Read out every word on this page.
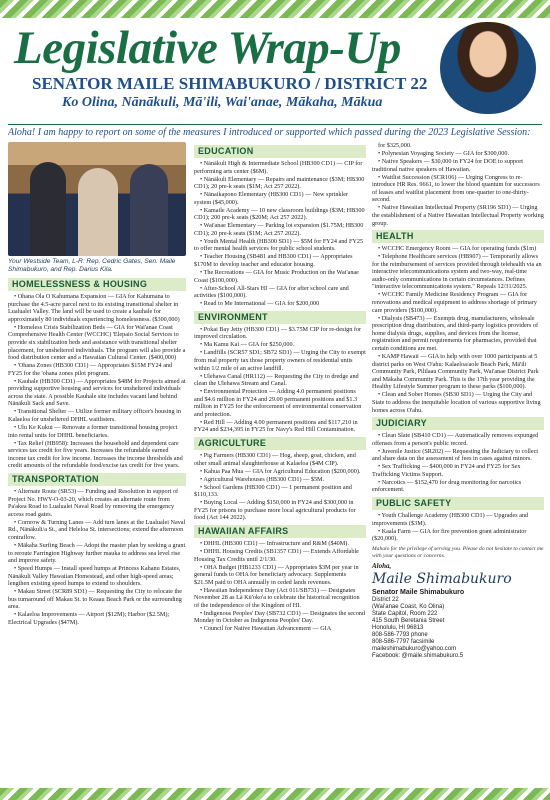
Legislative Wrap-Up
SENATOR MAILE SHIMABUKURO / DISTRICT 22
Ko Olina, Nānākuli, Mā'ili, Wai'anae, Mākaha, Mākua
Aloha! I am happy to report on some of the measures I introduced or supported which passed during the 2023 Legislative Session:
Your Westside Team, L-R: Rep. Cedric Gates, Sen. Maile Shimabukuro, and Rep. Darius Kila.
HOMELESSNESS & HOUSING
• Ohana Ola O Kahumana Expansion — GIA for Kahumana to purchase the 4.5-acre parcel next to its existing transitional shelter in Lualualei Valley. The land will be used to create a kauhale for approximately 80 individuals experiencing homelessness. ($300,000)
• Homeless Crisis Stabilization Beds — GIA for Wai'anae Coast Comprehensive Health Center (WCCHC) 'Elepaio Social Services to provide six stabilization beds and assistance with transitional shelter placement, for unsheltered individuals. The program will also provide a food distribution center and a Hawaiian Cultural Center. ($400,000)
• 'Ohana Zones (HB300 CD1) — Appropriates $15M FY24 and FY25 for the 'ohana zones pilot program.
• Kauhale (HB300 CD1) — Appropriates $48M for Projects aimed at providing supportive housing and services for unsheltered individuals across the state. A possible Kauhale site includes vacant land behind Nānākuli Sack and Save.
• Transitional Shelter — Utilize former military officer's housing in Kalaeloa for unsheltered DHHL waitlisters.
• Ulu Ke Kukui — Renovate a former transitional housing project into rental units for DHHL beneficiaries.
• Tax Relief (HB958): Increases the household and dependent care services tax credit for five years. Increases the refundable earned income tax credit for low income. Increases the income thresholds and credit amounts of the refundable food/excise tax credit for five years.
TRANSPORTATION
• Alternate Route (SR53) — Funding and Resolution in support of Project No. HWY-O-03-20, which creates an alternate route from Pa'akea Road to Lualualei Naval Road by removing the emergency access road gates.
• Cornrow & Turning Lanes — Add turn lanes at the Lualualei Naval Rd., Nānākuli/a St., and Heleloa St. intersections; extend the afternoon contraflow.
• Mākaha Surfing Beach — Adopt the master plan by seeking a grant to reroute Farrington Highway further mauka to address sea level rise and improve safety.
• Speed Humps — Install speed humps at Princess Kahanu Estates, Nānākuli Valley Hawaiian Homestead, and other high-speed areas; lengthen existing speed humps to extend to shoulders.
• Makau Street (SCR89 SD1) — Requesting the City to relocate the bus turnaround off Makau St. to Keaau Beach Park or the surrounding area.
• Kalaeloa Improvements — Airport ($12M); Harbor ($2.5M); Electrical Upgrades ($47M).
EDUCATION
• Nānākuli High & Intermediate School (HB300 CD1) — CIP for performing arts center ($6M).
• Nānākuli Elementary — Repairs and maintenance ($3M; HB300 CD1); 20 pre-k seats ($1M; Act 257 2022).
• Nānaikapono Elementary (HB300 CD1) — New sprinkler system ($45,000).
• Kamaile Academy — 10 new classroom buildings ($3M; HB300 CD1); 200 pre-k seats ($20M; Act 257 2022).
• Wai'anae Elementary — Parking lot expansion ($1.75M; HB300 CD1); 20 pre-k seats ($1M; Act 257 2022).
• Youth Mental Health (HB300 SD1) — $5M for FY24 and FY25 to offer mental health services for public school students.
• Teacher Housing (SB481 and HB300 CD1) — Appropriates $170M to develop teacher and educator housing.
• The Recreations — GIA for Music Production on the Wai'anae Coast ($100,000).
• After-School All-Stars HI — GIA for after school care and activities ($100,000).
• Read to Me International — GIA for $200,000
ENVIRONMENT
• Pokai Bay Jetty (HB300 CD1) — $3.75M CIP for re-design for improved circulation.
• Ma Kamu Kai — GIA for $250,000.
• Landfills (SCR57 SD1; SB72 SD1) — Urging the City to exempt from real property tax those property owners of residential units within 1/2 mile of an active landfill.
• Ulehawa Canal (HR112) — Requesting the City to dredge and clean the Ulehawa Stream and Canal.
• Environmental Protection — Adding 4.0 permanent positions and $4.6 million in FY24 and 29.00 permanent positions and $1.3 million in FY25 for the enforcement of environmental conservation and protection.
• Red Hill — Adding 4.00 permanent positions and $117,210 in FY24 and $234,395 in FY25 for Navy's Red Hill Contamination.
AGRICULTURE
• Pig Farmers (HB300 CD1) — Hog, sheep, goat, chicken, and other small animal slaughterhouse at Kalaeloa ($4M CIP).
• Kahua Paa Mua — GIA for Agricultural Education ($200,000).
• Agricultural Warehouses (HB300 CD1) — $5M.
• School Gardens (HB300 CD1) — 1 permanent position and $110,133.
• Buying Local — Adding $150,000 in FY24 and $300,000 in FY25 for prisons to purchase more local agricultural products for food (Act 144 2022).
HAWAIIAN AFFAIRS
• DHHL (HB300 CD1) — Infrastructure and R&M ($40M).
• DHHL Housing Credits (SB1357 CD1) — Extends Affordable Housing Tax Credits until 2/1/30.
• OHA Budget (HB1233 CD1) — Appropriates $3M per year in general funds to OHA for beneficiary advocacy. Supplements $21.5M paid to OHA annually in ceded lands revenues.
• Hawaiian Independence Day (Act 011/SB731) — Designates November 28 as Lā Kū'oko'a to celebrate the historical recognition of the independence of the Kingdom of HI.
• Indigenous Peoples' Day (SB732 CD1) — Designates the second Monday in October as Indigenous Peoples' Day.
• Council for Native Hawaiian Advancement — GIA
for $325,000.
• Polynesian Voyaging Society — GIA for $300,000.
• Native Speakers — $30,000 in FY24 for DOE to support traditional native speakers of Hawaiian.
• Waitlist Succession (SCR106) — Urging Congress to re-introduce HR Res. 9661, to lower the blood quantum for successors of leases and waitlist placement from one-quarter to one-thirty-second.
• Native Hawaiian Intellectual Property (SR196 SD1) — Urging the establishment of a Native Hawaiian Intellectual Property working group.
HEALTH
• WCCHC Emergency Room — GIA for operating funds ($1m)
• Telephone Healthcare services (HB907) — Temporarily allows for the reimbursement of services provided through telehealth via an interactive telecommunications system and two-way, real-time audio-only communications in certain circumstances. Defines "interactive telecommunications system." Repeals 12/31/2025.
• WCCHC Family Medicine Residency Program — GIA for renovations and medical equipment to address shortage of primary care providers ($100,000).
• Dialysis (SB473) — Exempts drug, manufacturers, wholesale prescription drug distributors, and third-party logistics providers of home dialysis drugs, supplies, and devices from the license, registration and permit requirements for pharmacies, provided that certain conditions are met.
• KAMP Hawaii — GIA to help with over 1000 participants at 5 district parks on West O'ahu: Kalaeloa/aole Beach Park, Mā'ili Community Park, Pililaau Community Park, Wai'anae District Park and Mākaha Community Park. This is the 17th year providing the Healthy Lifestyle Summer program to these parks ($100,000).
• Clean and Sober Homes (SB30 SD1) — Urging the City and State to address the inequitable location of various supportive living homes across O'ahu.
JUDICIARY
• Clean Slate (SB410 CD1) — Automatically removes expunged offenses from a person's public record.
• Juvenile Justice (SR202) — Requesting the Judiciary to collect and share data on the assessment of fees in cases against minors.
• Sex Trafficking — $400,000 in FY24 and FY25 for Sex Trafficking Victims Support.
• Narcotics — $152,470 for drug monitoring for narcotics enforcement.
PUBLIC SAFETY
• Youth Challenge Academy (HB300 CD1) — Upgrades and improvements ($3M).
• Kaala Farm — GIA for fire prevention grant administrator ($20,000).
Mahalo for the privilege of serving you. Please do not hesitate to contact me with your questions or concerns.
Aloha,
Maile Shimabukuro
Senator Maile Shimabukuro
District 22
(Wai'anae Coast, Ko Olina)
State Capitol, Room 222
415 South Beretania Street
Honolulu, HI 96813
808-586-7793 phone
808-586-7797 facsimile
maileshimabukuro@yahoo.com
Facebook: @maile.shimabukuro.5
